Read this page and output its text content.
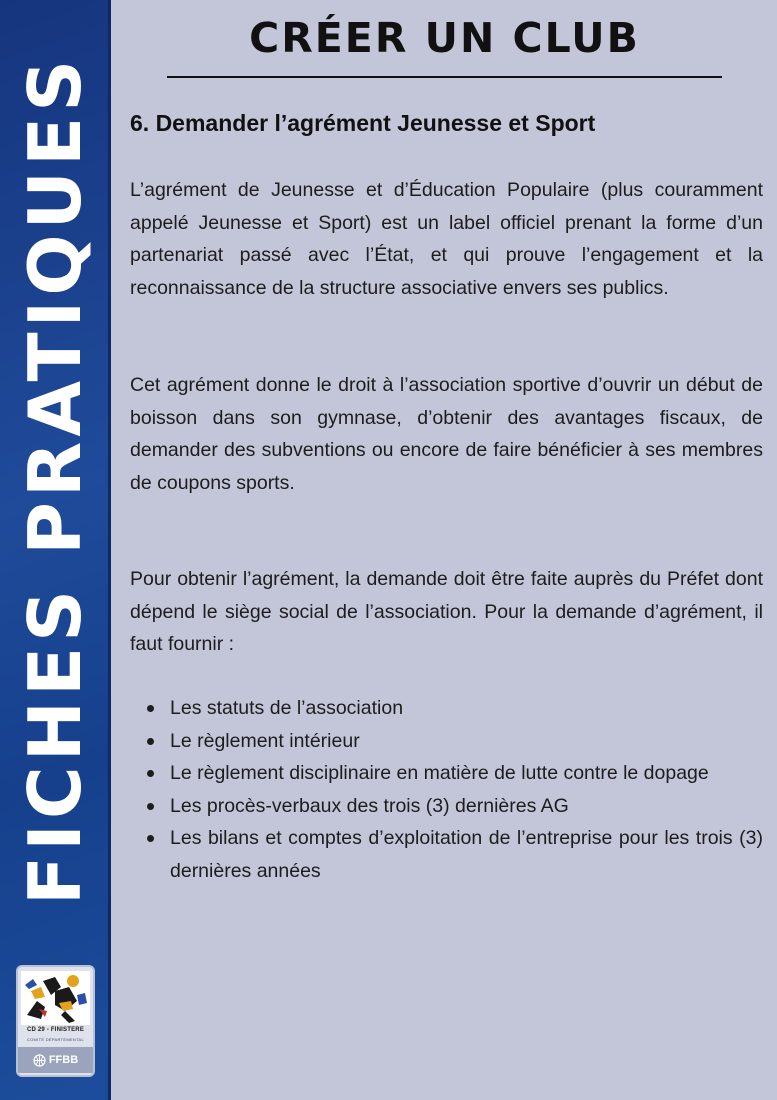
FICHES PRATIQUES
CD 29 - FINISTERE
COMITÉ DÉPARTEMENTAL
FFBB
CRÉER UN CLUB
6. Demander l’agrément Jeunesse et Sport

L’agrément de Jeunesse et d’Éducation Populaire (plus couramment appelé Jeunesse et Sport) est un label officiel prenant la forme d’un partenariat passé avec l’État, et qui prouve l’engagement et la reconnaissance de la structure associative envers ses publics.

Cet agrément donne le droit à l’association sportive d’ouvrir un début de boisson dans son gymnase, d’obtenir des avantages fiscaux, de demander des subventions ou encore de faire bénéficier à ses membres de coupons sports.

Pour obtenir l’agrément, la demande doit être faite auprès du Préfet dont dépend le siège social de l’association. Pour la demande d’agrément, il faut fournir :

Les statuts de l’association
Le règlement intérieur
Le règlement disciplinaire en matière de lutte contre le dopage
Les procès-verbaux des trois (3) dernières AG
Les bilans et comptes d’exploitation de l’entreprise pour les trois (3) dernières années
